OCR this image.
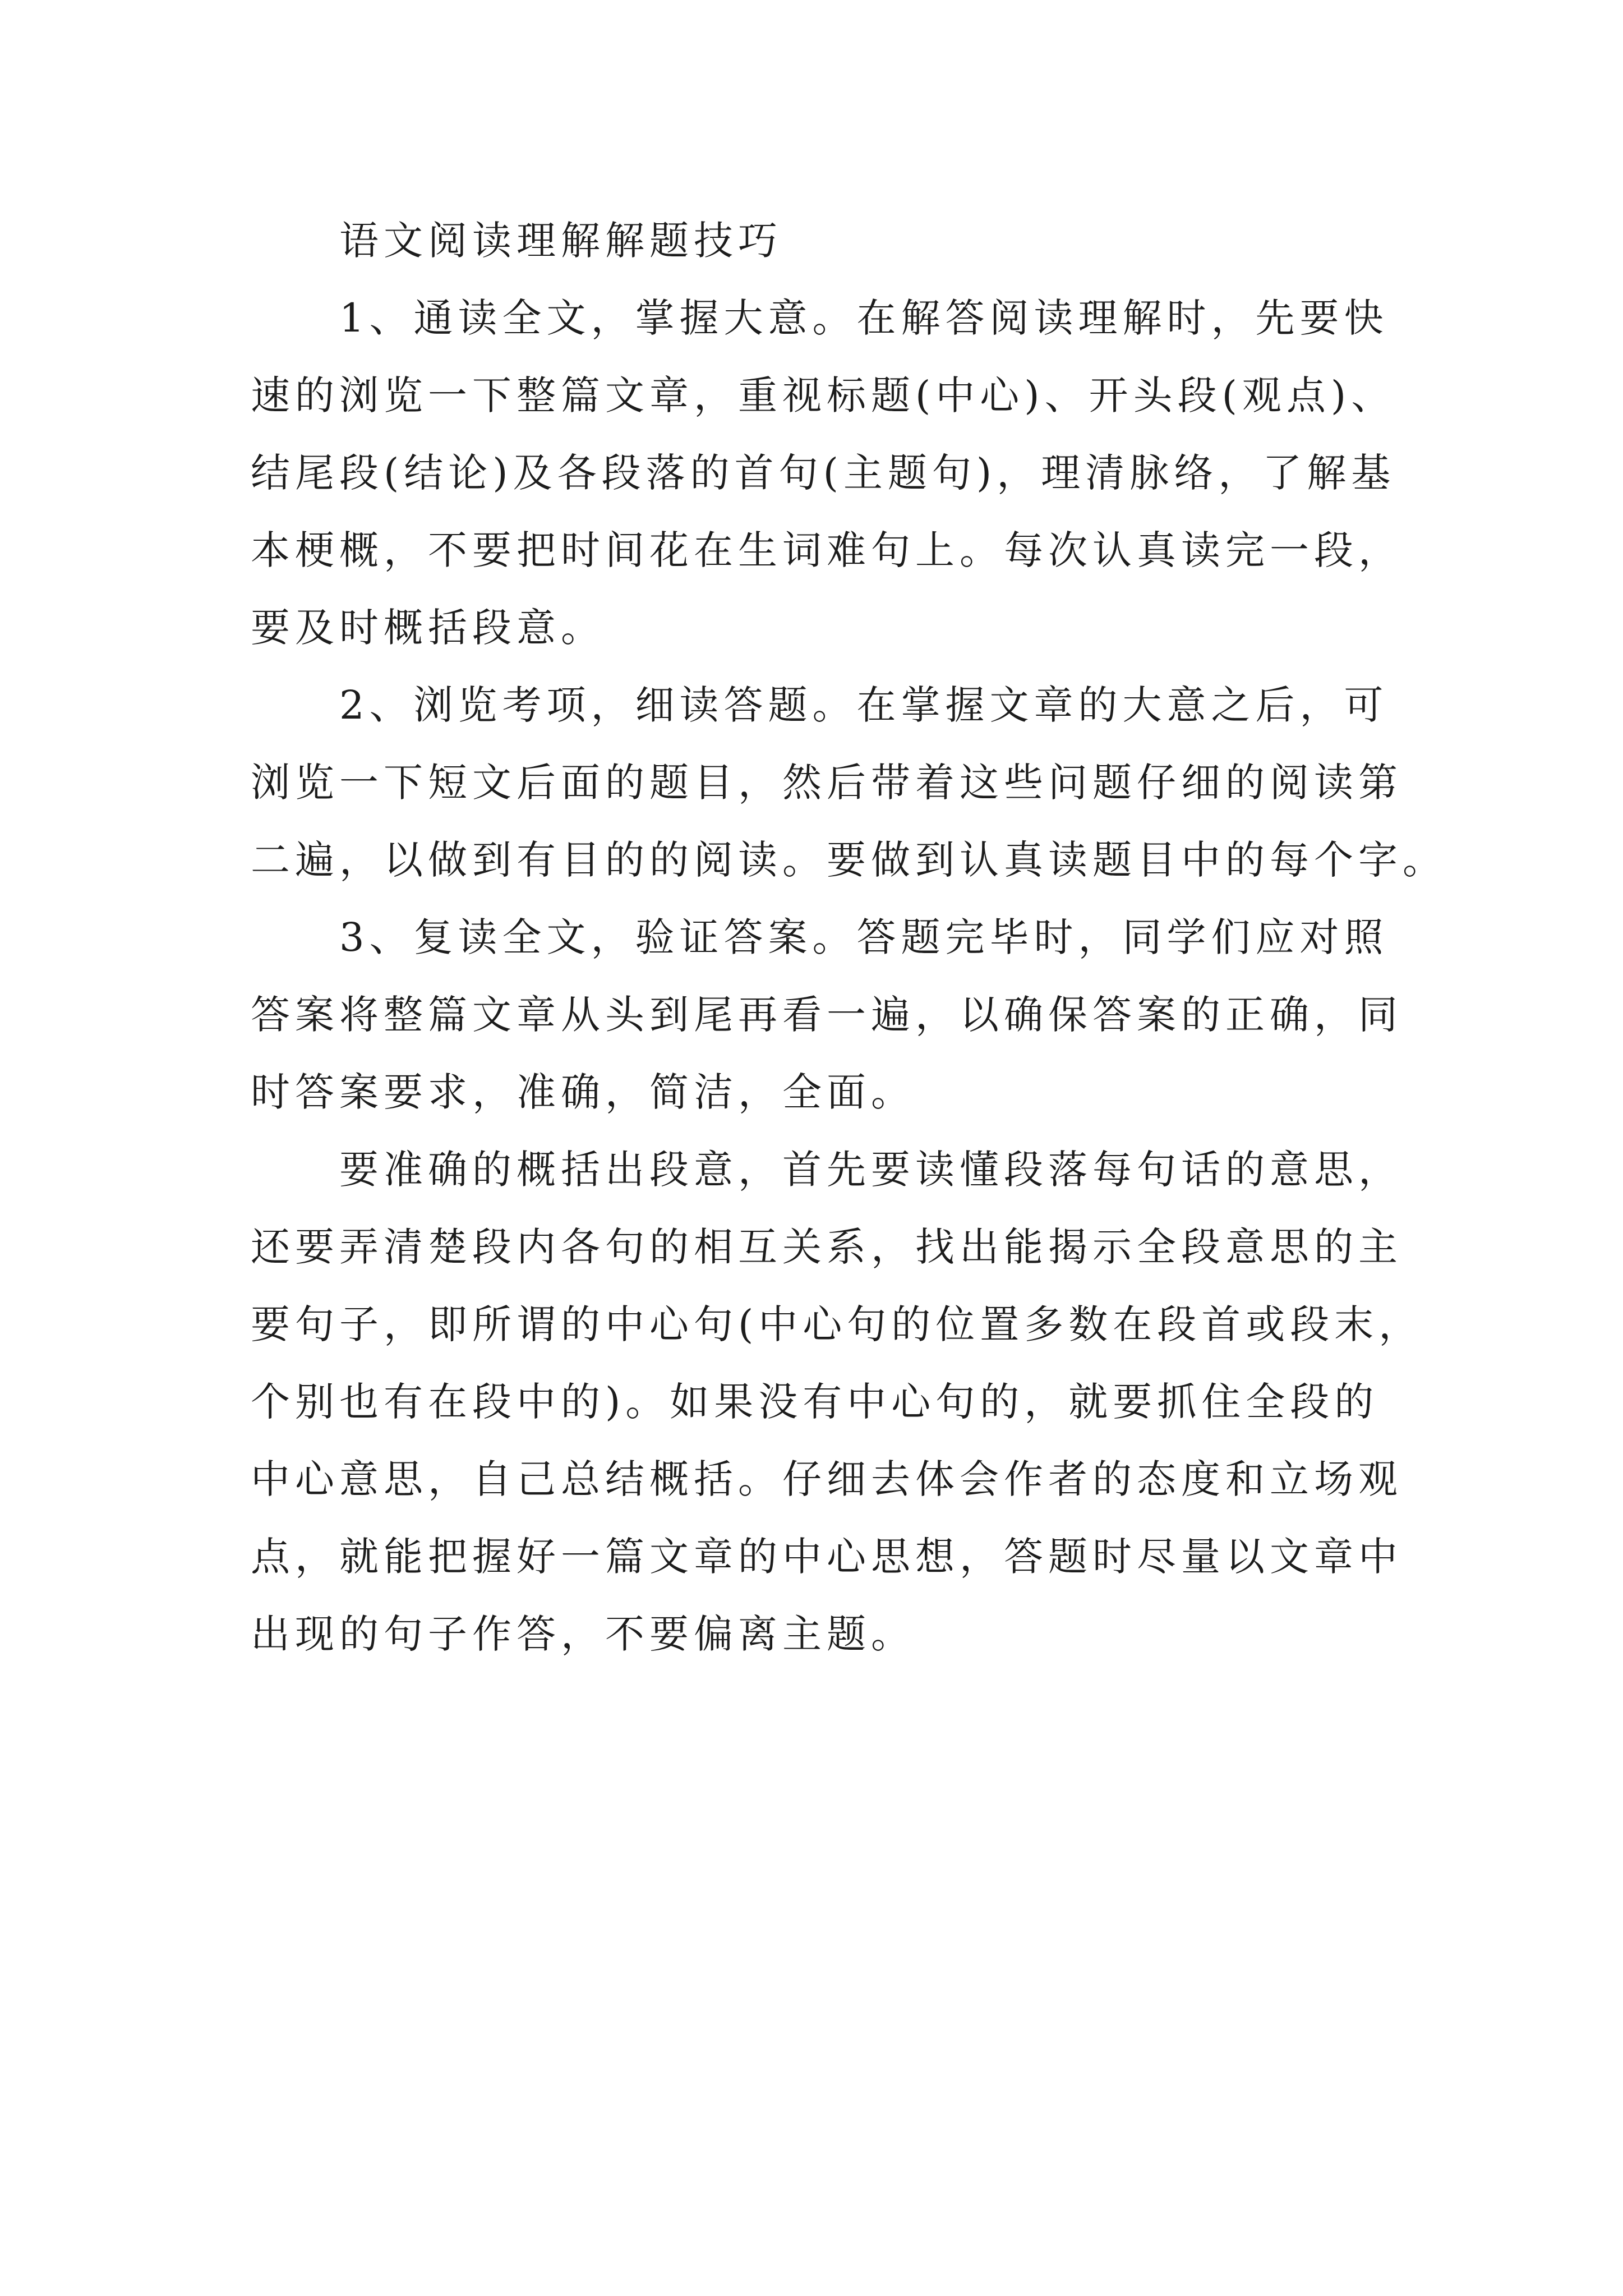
语文阅读理解解题技巧
1、通读全文，掌握大意。在解答阅读理解时，先要快
速的浏览一下整篇文章，重视标题(中心)、开头段(观点)、
结尾段(结论)及各段落的首句(主题句)，理清脉络，了解基
本梗概，不要把时间花在生词难句上。每次认真读完一段，
要及时概括段意。
2、浏览考项，细读答题。在掌握文章的大意之后，可
浏览一下短文后面的题目，然后带着这些问题仔细的阅读第
二遍，以做到有目的的阅读。要做到认真读题目中的每个字。
3、复读全文，验证答案。答题完毕时，同学们应对照
答案将整篇文章从头到尾再看一遍，以确保答案的正确，同
时答案要求，准确，简洁，全面。
要准确的概括出段意，首先要读懂段落每句话的意思，
还要弄清楚段内各句的相互关系，找出能揭示全段意思的主
要句子，即所谓的中心句(中心句的位置多数在段首或段末，
个别也有在段中的)。如果没有中心句的，就要抓住全段的
中心意思，自己总结概括。仔细去体会作者的态度和立场观
点，就能把握好一篇文章的中心思想，答题时尽量以文章中
出现的句子作答，不要偏离主题。
